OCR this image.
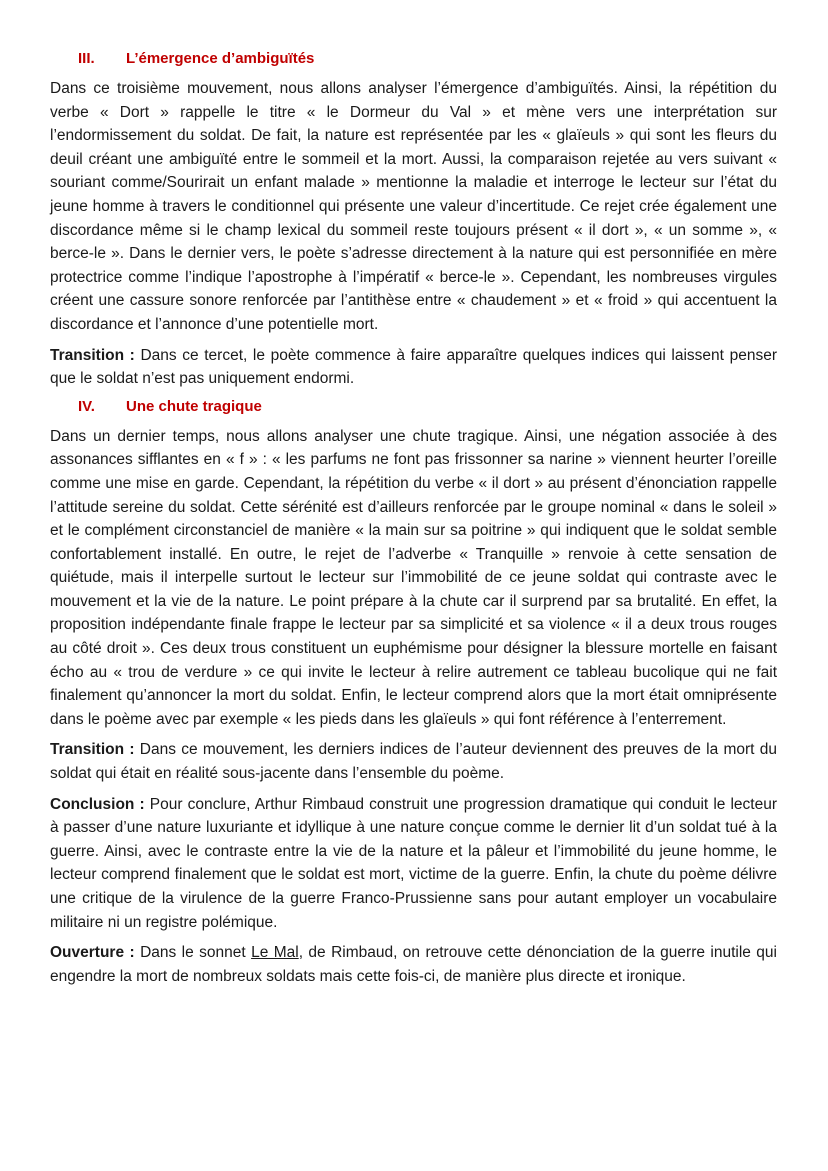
III.	L’émergence d’ambiguïtés

Dans ce troisième mouvement, nous allons analyser l’émergence d’ambiguïtés. Ainsi, la répétition du verbe « Dort » rappelle le titre « le Dormeur du Val » et mène vers une interprétation sur l’endormissement du soldat. De fait, la nature est représentée par les « glaïeuls » qui sont les fleurs du deuil créant une ambiguïté entre le sommeil et la mort. Aussi, la comparaison rejetée au vers suivant « souriant comme/Sourirait un enfant malade » mentionne la maladie et interroge le lecteur sur l’état du jeune homme à travers le conditionnel qui présente une valeur d’incertitude. Ce rejet crée également une discordance même si le champ lexical du sommeil reste toujours présent « il dort », « un somme », « berce-le ». Dans le dernier vers, le poète s’adresse directement à la nature qui est personnifiée en mère protectrice comme l’indique l’apostrophe à l’impératif « berce-le ». Cependant, les nombreuses virgules créent une cassure sonore renforcée par l’antithèse entre « chaudement » et « froid » qui accentuent la discordance et l’annonce d’une potentielle mort.

Transition : Dans ce tercet, le poète commence à faire apparaître quelques indices qui laissent penser que le soldat n’est pas uniquement endormi.

IV.	Une chute tragique

Dans un dernier temps, nous allons analyser une chute tragique. Ainsi, une négation associée à des assonances sifflantes en « f » : « les parfums ne font pas frissonner sa narine » viennent heurter l’oreille comme une mise en garde. Cependant, la répétition du verbe « il dort » au présent d’énonciation rappelle l’attitude sereine du soldat. Cette sérénité est d’ailleurs renforcée par le groupe nominal « dans le soleil » et le complément circonstanciel de manière « la main sur sa poitrine » qui indiquent que le soldat semble confortablement installé. En outre, le rejet de l’adverbe « Tranquille » renvoie à cette sensation de quiétude, mais il interpelle surtout le lecteur sur l’immobilité de ce jeune soldat qui contraste avec le mouvement et la vie de la nature. Le point prépare à la chute car il surprend par sa brutalité. En effet, la proposition indépendante finale frappe le lecteur par sa simplicité et sa violence « il a deux trous rouges au côté droit ». Ces deux trous constituent un euphémisme pour désigner la blessure mortelle en faisant écho au « trou de verdure » ce qui invite le lecteur à relire autrement ce tableau bucolique qui ne fait finalement qu’annoncer la mort du soldat. Enfin, le lecteur comprend alors que la mort était omniprésente dans le poème avec par exemple « les pieds dans les glaïeuls » qui font référence à l’enterrement.

Transition : Dans ce mouvement, les derniers indices de l’auteur deviennent des preuves de la mort du soldat qui était en réalité sous-jacente dans l’ensemble du poème.

Conclusion : Pour conclure, Arthur Rimbaud construit une progression dramatique qui conduit le lecteur à passer d’une nature luxuriante et idyllique à une nature conçue comme le dernier lit d’un soldat tué à la guerre. Ainsi, avec le contraste entre la vie de la nature et la pâleur et l’immobilité du jeune homme, le lecteur comprend finalement que le soldat est mort, victime de la guerre. Enfin, la chute du poème délivre une critique de la virulence de la guerre Franco-Prussienne sans pour autant employer un vocabulaire militaire ni un registre polémique.

Ouverture : Dans le sonnet Le Mal, de Rimbaud, on retrouve cette dénonciation de la guerre inutile qui engendre la mort de nombreux soldats mais cette fois-ci, de manière plus directe et ironique.
